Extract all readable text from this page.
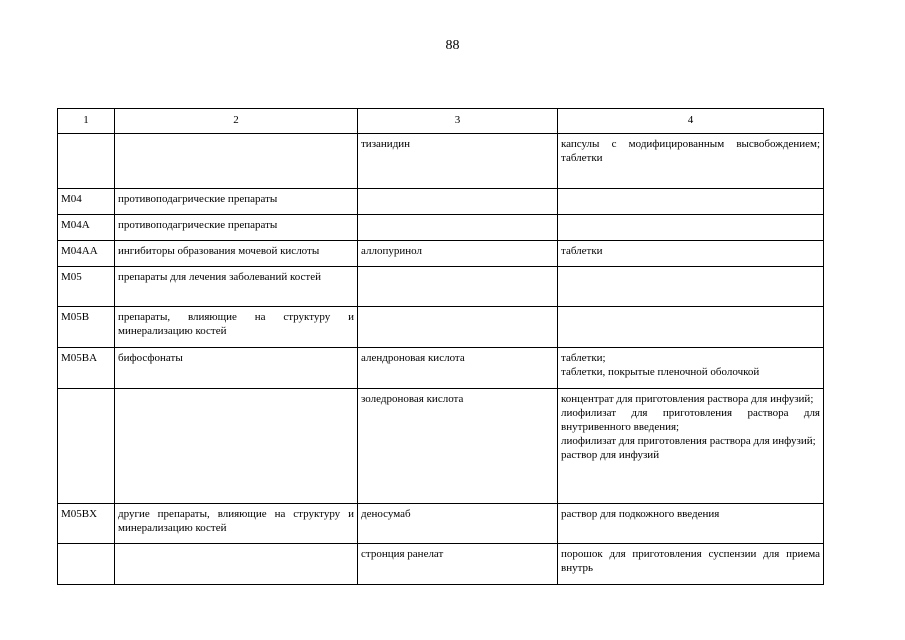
88
1	2	3	4
		тизанидин	капсулы с модифицированным высвобождением;
таблетки

M04	противоподагрические препараты		
M04A	противоподагрические препараты		
M04AA	ингибиторы образования мочевой кислоты	аллопуринол	таблетки

M05	препараты для лечения заболеваний костей		
M05B	препараты, влияющие на структуру и минерализацию костей		
M05BA	бифосфонаты	алендроновая кислота	таблетки;
таблетки, покрытые пленочной оболочкой

		золедроновая кислота	концентрат для приготовления раствора для инфузий;
лиофилизат для приготовления раствора для внутривенного введения;
лиофилизат для приготовления раствора для инфузий;
раствор для инфузий

M05BX	другие препараты, влияющие на структуру и минерализацию костей	деносумаб	раствор для подкожного введения

		стронция ранелат	порошок для приготовления суспензии для приема внутрь
